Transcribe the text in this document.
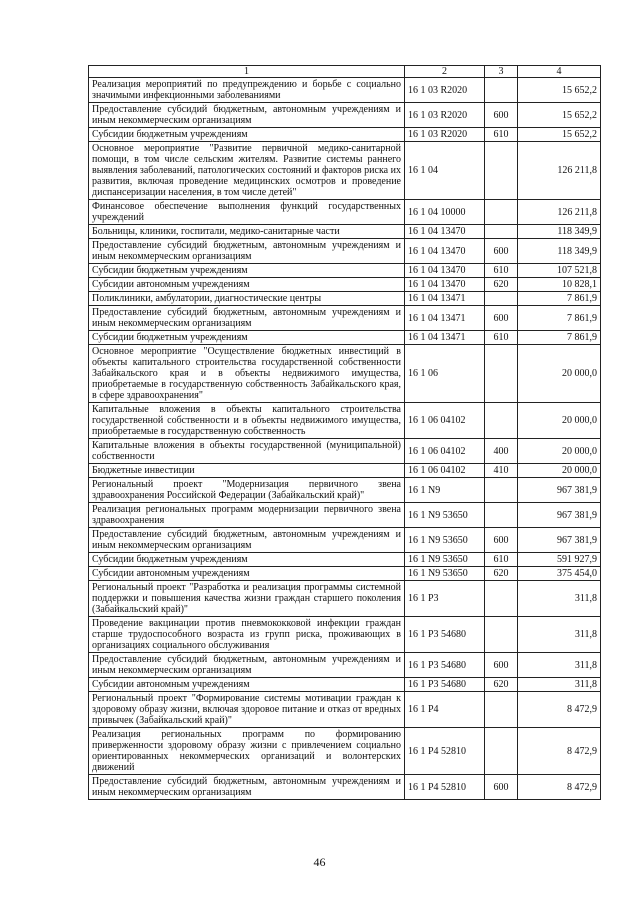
1	2	3	4
Реализация мероприятий по предупреждению и борьбе с социально значимыми инфекционными заболеваниями	16 1 03 R2020		15 652,2
Предоставление субсидий бюджетным, автономным учреждениям и иным некоммерческим организациям	16 1 03 R2020	600	15 652,2
Субсидии бюджетным учреждениям	16 1 03 R2020	610	15 652,2
Основное мероприятие "Развитие первичной медико-санитарной помощи, в том числе сельским жителям. Развитие системы раннего выявления заболеваний, патологических состояний и факторов риска их развития, включая проведение медицинских осмотров и проведение диспансеризации населения, в том числе детей"	16 1 04		126 211,8
Финансовое обеспечение выполнения функций государственных учреждений	16 1 04 10000		126 211,8
Больницы, клиники, госпитали, медико-санитарные части	16 1 04 13470		118 349,9
Предоставление субсидий бюджетным, автономным учреждениям и иным некоммерческим организациям	16 1 04 13470	600	118 349,9
Субсидии бюджетным учреждениям	16 1 04 13470	610	107 521,8
Субсидии автономным учреждениям	16 1 04 13470	620	10 828,1
Поликлиники, амбулатории, диагностические центры	16 1 04 13471		7 861,9
Предоставление субсидий бюджетным, автономным учреждениям и иным некоммерческим организациям	16 1 04 13471	600	7 861,9
Субсидии бюджетным учреждениям	16 1 04 13471	610	7 861,9
Основное мероприятие "Осуществление бюджетных инвестиций в объекты капитального строительства государственной собственности Забайкальского края и в объекты недвижимого имущества, приобретаемые в государственную собственность Забайкальского края, в сфере здравоохранения"	16 1 06		20 000,0
Капитальные вложения в объекты капитального строительства государственной собственности и в объекты недвижимого имущества, приобретаемые в государственную собственность	16 1 06 04102		20 000,0
Капитальные вложения в объекты государственной (муниципальной) собственности	16 1 06 04102	400	20 000,0
Бюджетные инвестиции	16 1 06 04102	410	20 000,0
Региональный проект "Модернизация первичного звена здравоохранения Российской Федерации (Забайкальский край)"	16 1 N9		967 381,9
Реализация региональных программ модернизации первичного звена здравоохранения	16 1 N9 53650		967 381,9
Предоставление субсидий бюджетным, автономным учреждениям и иным некоммерческим организациям	16 1 N9 53650	600	967 381,9
Субсидии бюджетным учреждениям	16 1 N9 53650	610	591 927,9
Субсидии автономным учреждениям	16 1 N9 53650	620	375 454,0
Региональный проект "Разработка и реализация программы системной поддержки и повышения качества жизни граждан старшего поколения (Забайкальский край)"	16 1 P3		311,8
Проведение вакцинации против пневмококковой инфекции граждан старше трудоспособного возраста из групп риска, проживающих в организациях социального обслуживания	16 1 P3 54680		311,8
Предоставление субсидий бюджетным, автономным учреждениям и иным некоммерческим организациям	16 1 P3 54680	600	311,8
Субсидии автономным учреждениям	16 1 P3 54680	620	311,8
Региональный проект "Формирование системы мотивации граждан к здоровому образу жизни, включая здоровое питание и отказ от вредных привычек (Забайкальский край)"	16 1 P4		8 472,9
Реализация региональных программ по формированию приверженности здоровому образу жизни с привлечением социально ориентированных некоммерческих организаций и волонтерских движений	16 1 P4 52810		8 472,9
Предоставление субсидий бюджетным, автономным учреждениям и иным некоммерческим организациям	16 1 P4 52810	600	8 472,9
46
